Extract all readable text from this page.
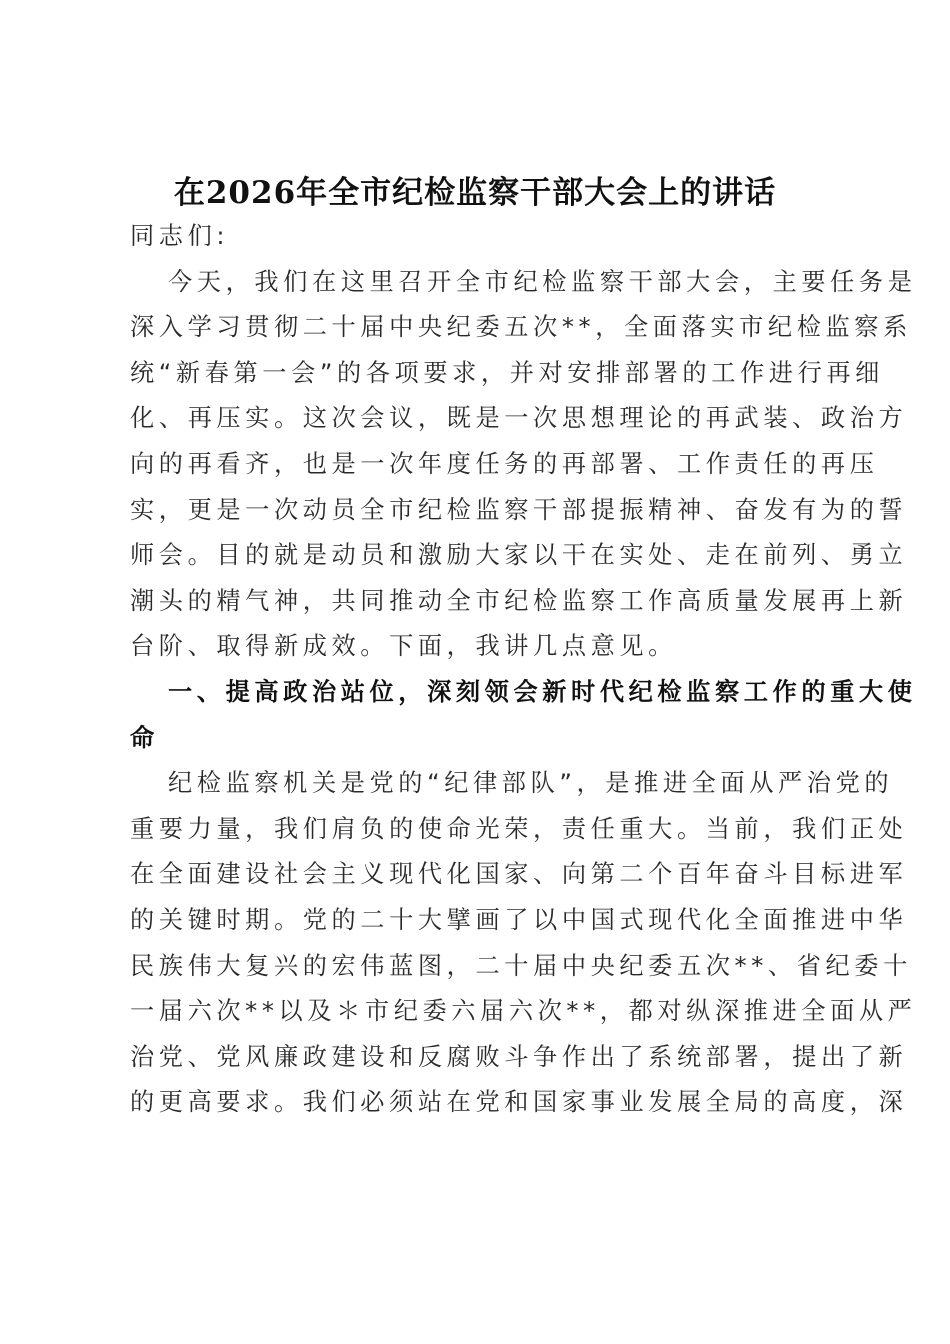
在2026年全市纪检监察干部大会上的讲话
同志们:
今天，我们在这里召开全市纪检监察干部大会，主要任务是
深入学习贯彻二十届中央纪委五次**，全面落实市纪检监察系
统“新春第一会”的各项要求，并对安排部署的工作进行再细
化、再压实。这次会议，既是一次思想理论的再武装、政治方
向的再看齐，也是一次年度任务的再部署、工作责任的再压
实，更是一次动员全市纪检监察干部提振精神、奋发有为的誓
师会。目的就是动员和激励大家以干在实处、走在前列、勇立
潮头的精气神，共同推动全市纪检监察工作高质量发展再上新
台阶、取得新成效。下面，我讲几点意见。
一、提高政治站位，深刻领会新时代纪检监察工作的重大使
命
纪检监察机关是党的“纪律部队”，是推进全面从严治党的
重要力量，我们肩负的使命光荣，责任重大。当前，我们正处
在全面建设社会主义现代化国家、向第二个百年奋斗目标进军
的关键时期。党的二十大擘画了以中国式现代化全面推进中华
民族伟大复兴的宏伟蓝图，二十届中央纪委五次**、省纪委十
一届六次**以及＊市纪委六届六次**，都对纵深推进全面从严
治党、党风廉政建设和反腐败斗争作出了系统部署，提出了新
的更高要求。我们必须站在党和国家事业发展全局的高度，深
